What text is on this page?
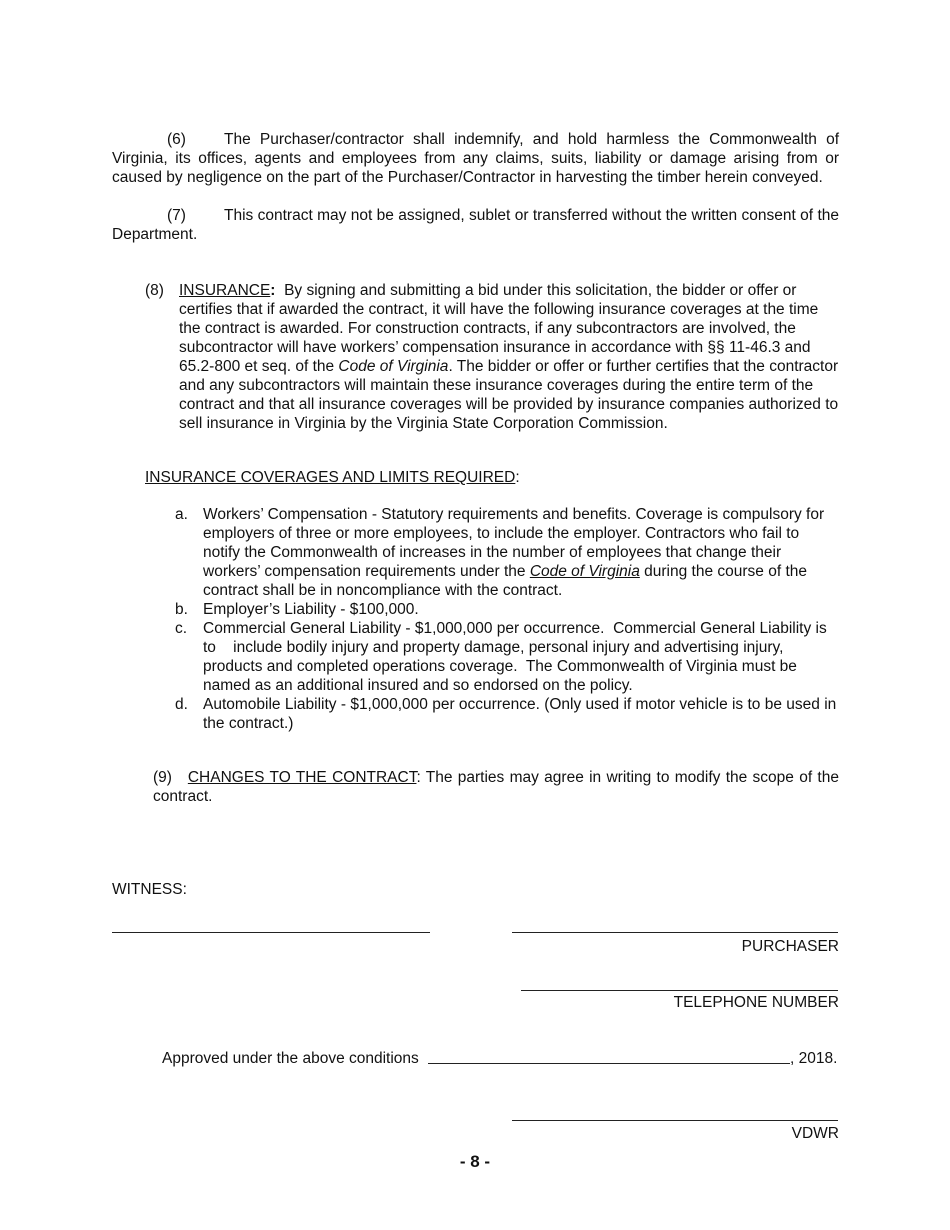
(6) The Purchaser/contractor shall indemnify, and hold harmless the Commonwealth of Virginia, its offices, agents and employees from any claims, suits, liability or damage arising from or caused by negligence on the part of the Purchaser/Contractor in harvesting the timber herein conveyed.
(7) This contract may not be assigned, sublet or transferred without the written consent of the Department.
(8) INSURANCE: By signing and submitting a bid under this solicitation, the bidder or offer or certifies that if awarded the contract, it will have the following insurance coverages at the time the contract is awarded. For construction contracts, if any subcontractors are involved, the subcontractor will have workers’ compensation insurance in accordance with §§ 11-46.3 and 65.2-800 et seq. of the Code of Virginia. The bidder or offer or further certifies that the contractor and any subcontractors will maintain these insurance coverages during the entire term of the contract and that all insurance coverages will be provided by insurance companies authorized to sell insurance in Virginia by the Virginia State Corporation Commission.
INSURANCE COVERAGES AND LIMITS REQUIRED:
a. Workers’ Compensation - Statutory requirements and benefits. Coverage is compulsory for employers of three or more employees, to include the employer. Contractors who fail to notify the Commonwealth of increases in the number of employees that change their workers’ compensation requirements under the Code of Virginia during the course of the contract shall be in noncompliance with the contract.
b. Employer’s Liability - $100,000.
c. Commercial General Liability - $1,000,000 per occurrence.  Commercial General Liability is to    include bodily injury and property damage, personal injury and advertising injury, products and completed operations coverage.  The Commonwealth of Virginia must be named as an additional insured and so endorsed on the policy.
d. Automobile Liability - $1,000,000 per occurrence. (Only used if motor vehicle is to be used in the contract.)
(9) CHANGES TO THE CONTRACT: The parties may agree in writing to modify the scope of the contract.
WITNESS:
PURCHASER
TELEPHONE NUMBER
Approved under the above conditions	, 2018.
VDWR
- 8 -
